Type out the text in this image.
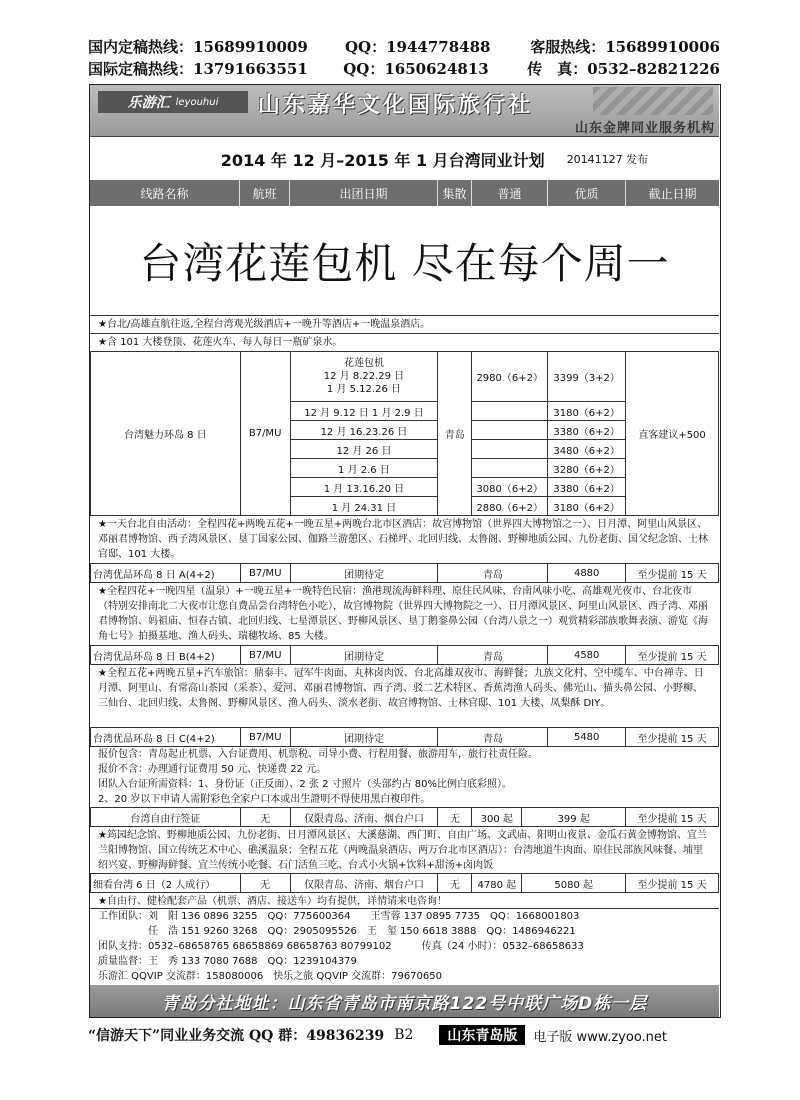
国内定稿热线：15689910009	QQ：1944778488	客服热线：15689910006
国际定稿热线：13791663551	QQ：1650624813	传　真：0532–82821226
乐游汇 leyouhui 山东嘉华文化国际旅行社
山东金牌同业服务机构
2014 年 12 月–2015 年 1 月台湾同业计划 20141127 发布
线路名称	航班	出团日期	集散	普通	优质	截止日期
台湾花莲包机 尽在每个周一
★台北/高雄直航往返,全程台湾观光级酒店+一晚升等酒店+一晚温泉酒店。
★含 101 大楼登顶、花莲火车、每人每日一瓶矿泉水。
台湾魅力环岛 8 日	B7/MU	花莲包机
12 月 8.22.29 日
1 月 5.12.26 日	青岛	2980（6+2）	3399（3+2）	直客建议+500
		12 月 9.12 日 1 月 2.9 日			3180（6+2）	
		12 月 16.23.26 日			3380（6+2）	
		12 月 26 日			3480（6+2）	
		1 月 2.6 日			3280（6+2）	
		1 月 13.16.20 日		3080（6+2）	3380（6+2）	
		1 月 24.31 日		2880（6+2）	3180（6+2）	
★一天台北自由活动：全程四花+两晚五花+一晚五星+两晚台北市区酒店：故宫博物馆（世界四大博物馆之一）、日月潭、阿里山风景区、邓丽君博物馆、西子湾风景区、垦丁国家公园、伽路兰游憩区、石梯坪、北回归线、太鲁阁、野柳地质公园、九份老街、国父纪念馆、士林官邸、101 大楼。
台湾优品环岛 8 日 A(4+2)	B7/MU	团期待定	青岛	4880	至少提前 15 天
★全程四花+一晚四星（温泉）+一晚五星+一晚特色民宿：渔港现流海鲜料理、原住民风味、台南风味小吃、高雄观光夜市、台北夜市（特别安排南北二大夜市让您自费品尝台湾特色小吃），故宫博物院（世界四大博物院之一）、日月潭风景区、阿里山风景区、西子湾、邓丽君博物馆、妈祖庙、恒春古镇、北回归线、七星潭景区、野柳风景区、垦丁鹅銮鼻公园（台湾八景之一）观赏精彩部族歌舞表演、游览《海角七号》拍摄基地、渔人码头、瑞穗牧场、85 大楼。
台湾优品环岛 8 日 B(4+2)	B7/MU	团期待定	青岛	4580	至少提前 15 天
★全程五花+两晚五星+汽车旅馆：鼎泰丰、冠军牛肉面、丸林卤肉饭、台北高雄双夜市、海鲜餐；九族文化村、空中缆车、中台禅寺、日月潭、阿里山、有常高山茶园（采茶）、爱河、邓丽君博物馆、西子湾、驳二艺术特区、香蕉湾渔人码头、佛光山、猫头鼻公园、小野柳、三仙台、北回归线、太鲁阁、野柳风景区、渔人码头、淡水老街、故宫博物馆、士林官邸、101 大楼、凤梨酥 DIY。
台湾优品环岛 8 日 C(4+2)	B7/MU	团期待定	青岛	5480	至少提前 15 天
报价包含：青岛起止机票、入台证费用、机票税、司导小费、行程用餐、旅游用车，旅行社责任险。
报价不含：办理通行证费用 50 元、快递费 22 元。
团队入台证所需资料：1、身份证（正反面）、2 张 2 寸照片（头部约占 80%比例白底彩照）。
2、20 岁以下申请人需附彩色全家户口本或出生證明不得使用黑白複印件。
台湾自由行签证	无	仅限青岛、济南、烟台户口	无	300 起	399 起	至少提前 15 天
★筠园纪念馆、野柳地质公园、九份老街、日月潭风景区、大溪慈湖、西门町、自由广场、文武庙、阳明山夜景、金瓜石黄金博物馆、宜兰兰阳博物馆、国立传统艺术中心、礁溪温泉；全程五花（两晚温泉酒店、两万台北市区酒店）：台湾地道牛肉面、原住民部族风味餐、埔里绍兴宴、野柳海鲜餐、宜兰传统小吃餐、石门活鱼三吃、台式小火锅+饮料+甜汤+卤肉饭
细看台湾 6 日（2 人成行）	无	仅限青岛、济南、烟台户口	无	4780 起	5080 起	至少提前 15 天
★自由行、健检配套产品（机票、酒店、接送车）均有提供，详情请来电咨询！
工作团队：刘　阳 136 0896 3255　QQ：775600364　　王雪蓉 137 0895 7735　QQ：1668001803
　　　　　任　浩 151 9260 3268　QQ：2905095526　王　玺 150 6618 3888　QQ：1486946221
团队支持：0532–68658765 68658869 68658763 80799102　　　传真（24 小时）：0532–68658633
质量监督：王　秀 133 7080 7688　QQ：1239104379
乐游汇 QQVIP 交流群：158080006　快乐之旅 QQVIP 交流群：79670650
青岛分社地址：山东省青岛市南京路122号中联广场D栋一层
“信游天下”同业业务交流 QQ 群：49836239 B2	山东青岛版	电子版 www.zyoo.net
